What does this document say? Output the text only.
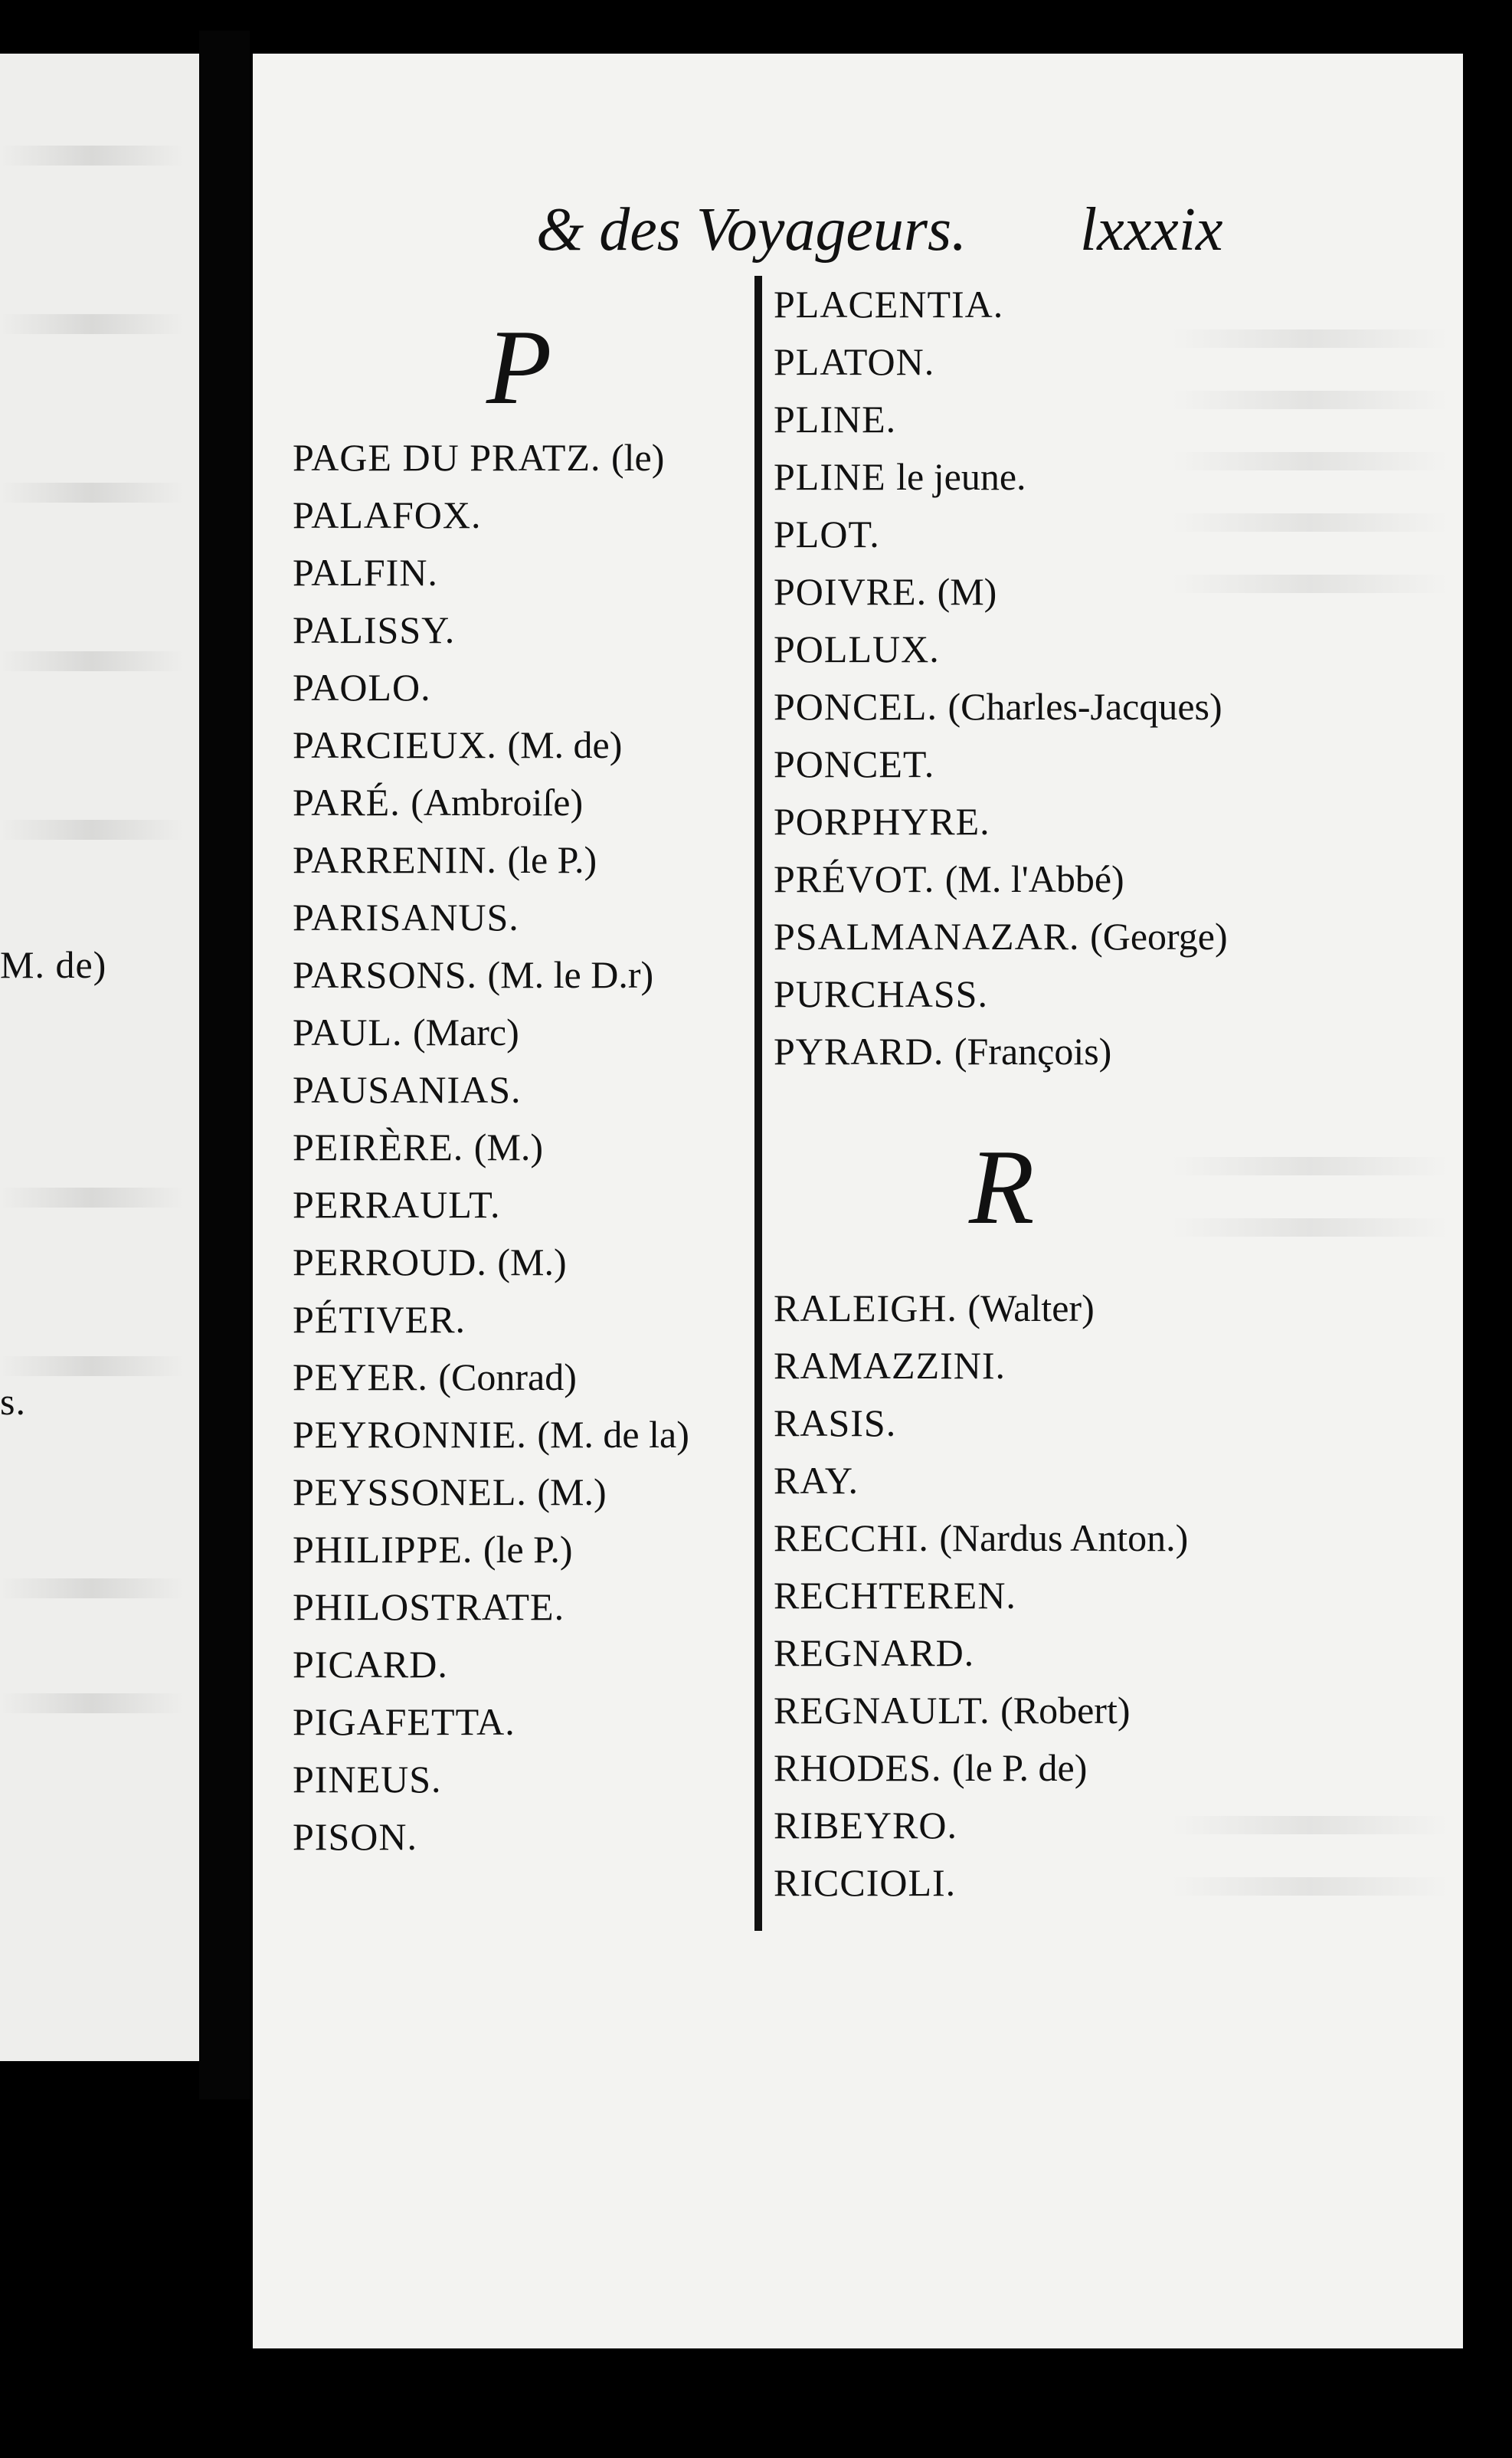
M. de)
s.
& des Voyageurs. lxxxix
P
PAGE DU PRATZ. (le)
PALAFOX.
PALFIN.
PALISSY.
PAOLO.
PARCIEUX. (M. de)
PARÉ. (Ambroiſe)
PARRENIN. (le P.)
PARISANUS.
PARSONS. (M. le D.r)
PAUL. (Marc)
PAUSANIAS.
PEIRÈRE. (M.)
PERRAULT.
PERROUD. (M.)
PÉTIVER.
PEYER. (Conrad)
PEYRONNIE. (M. de la)
PEYSSONEL. (M.)
PHILIPPE. (le P.)
PHILOSTRATE.
PICARD.
PIGAFETTA.
PINEUS.
PISON.
PLACENTIA.
PLATON.
PLINE.
PLINE le jeune.
PLOT.
POIVRE. (M)
POLLUX.
PONCEL. (Charles-Jacques)
PONCET.
PORPHYRE.
PRÉVOT. (M. l'Abbé)
PSALMANAZAR. (George)
PURCHASS.
PYRARD. (François)
R
RALEIGH. (Walter)
RAMAZZINI.
RASIS.
RAY.
RECCHI. (Nardus Anton.)
RECHTEREN.
REGNARD.
REGNAULT. (Robert)
RHODES. (le P. de)
RIBEYRO.
RICCIOLI.
